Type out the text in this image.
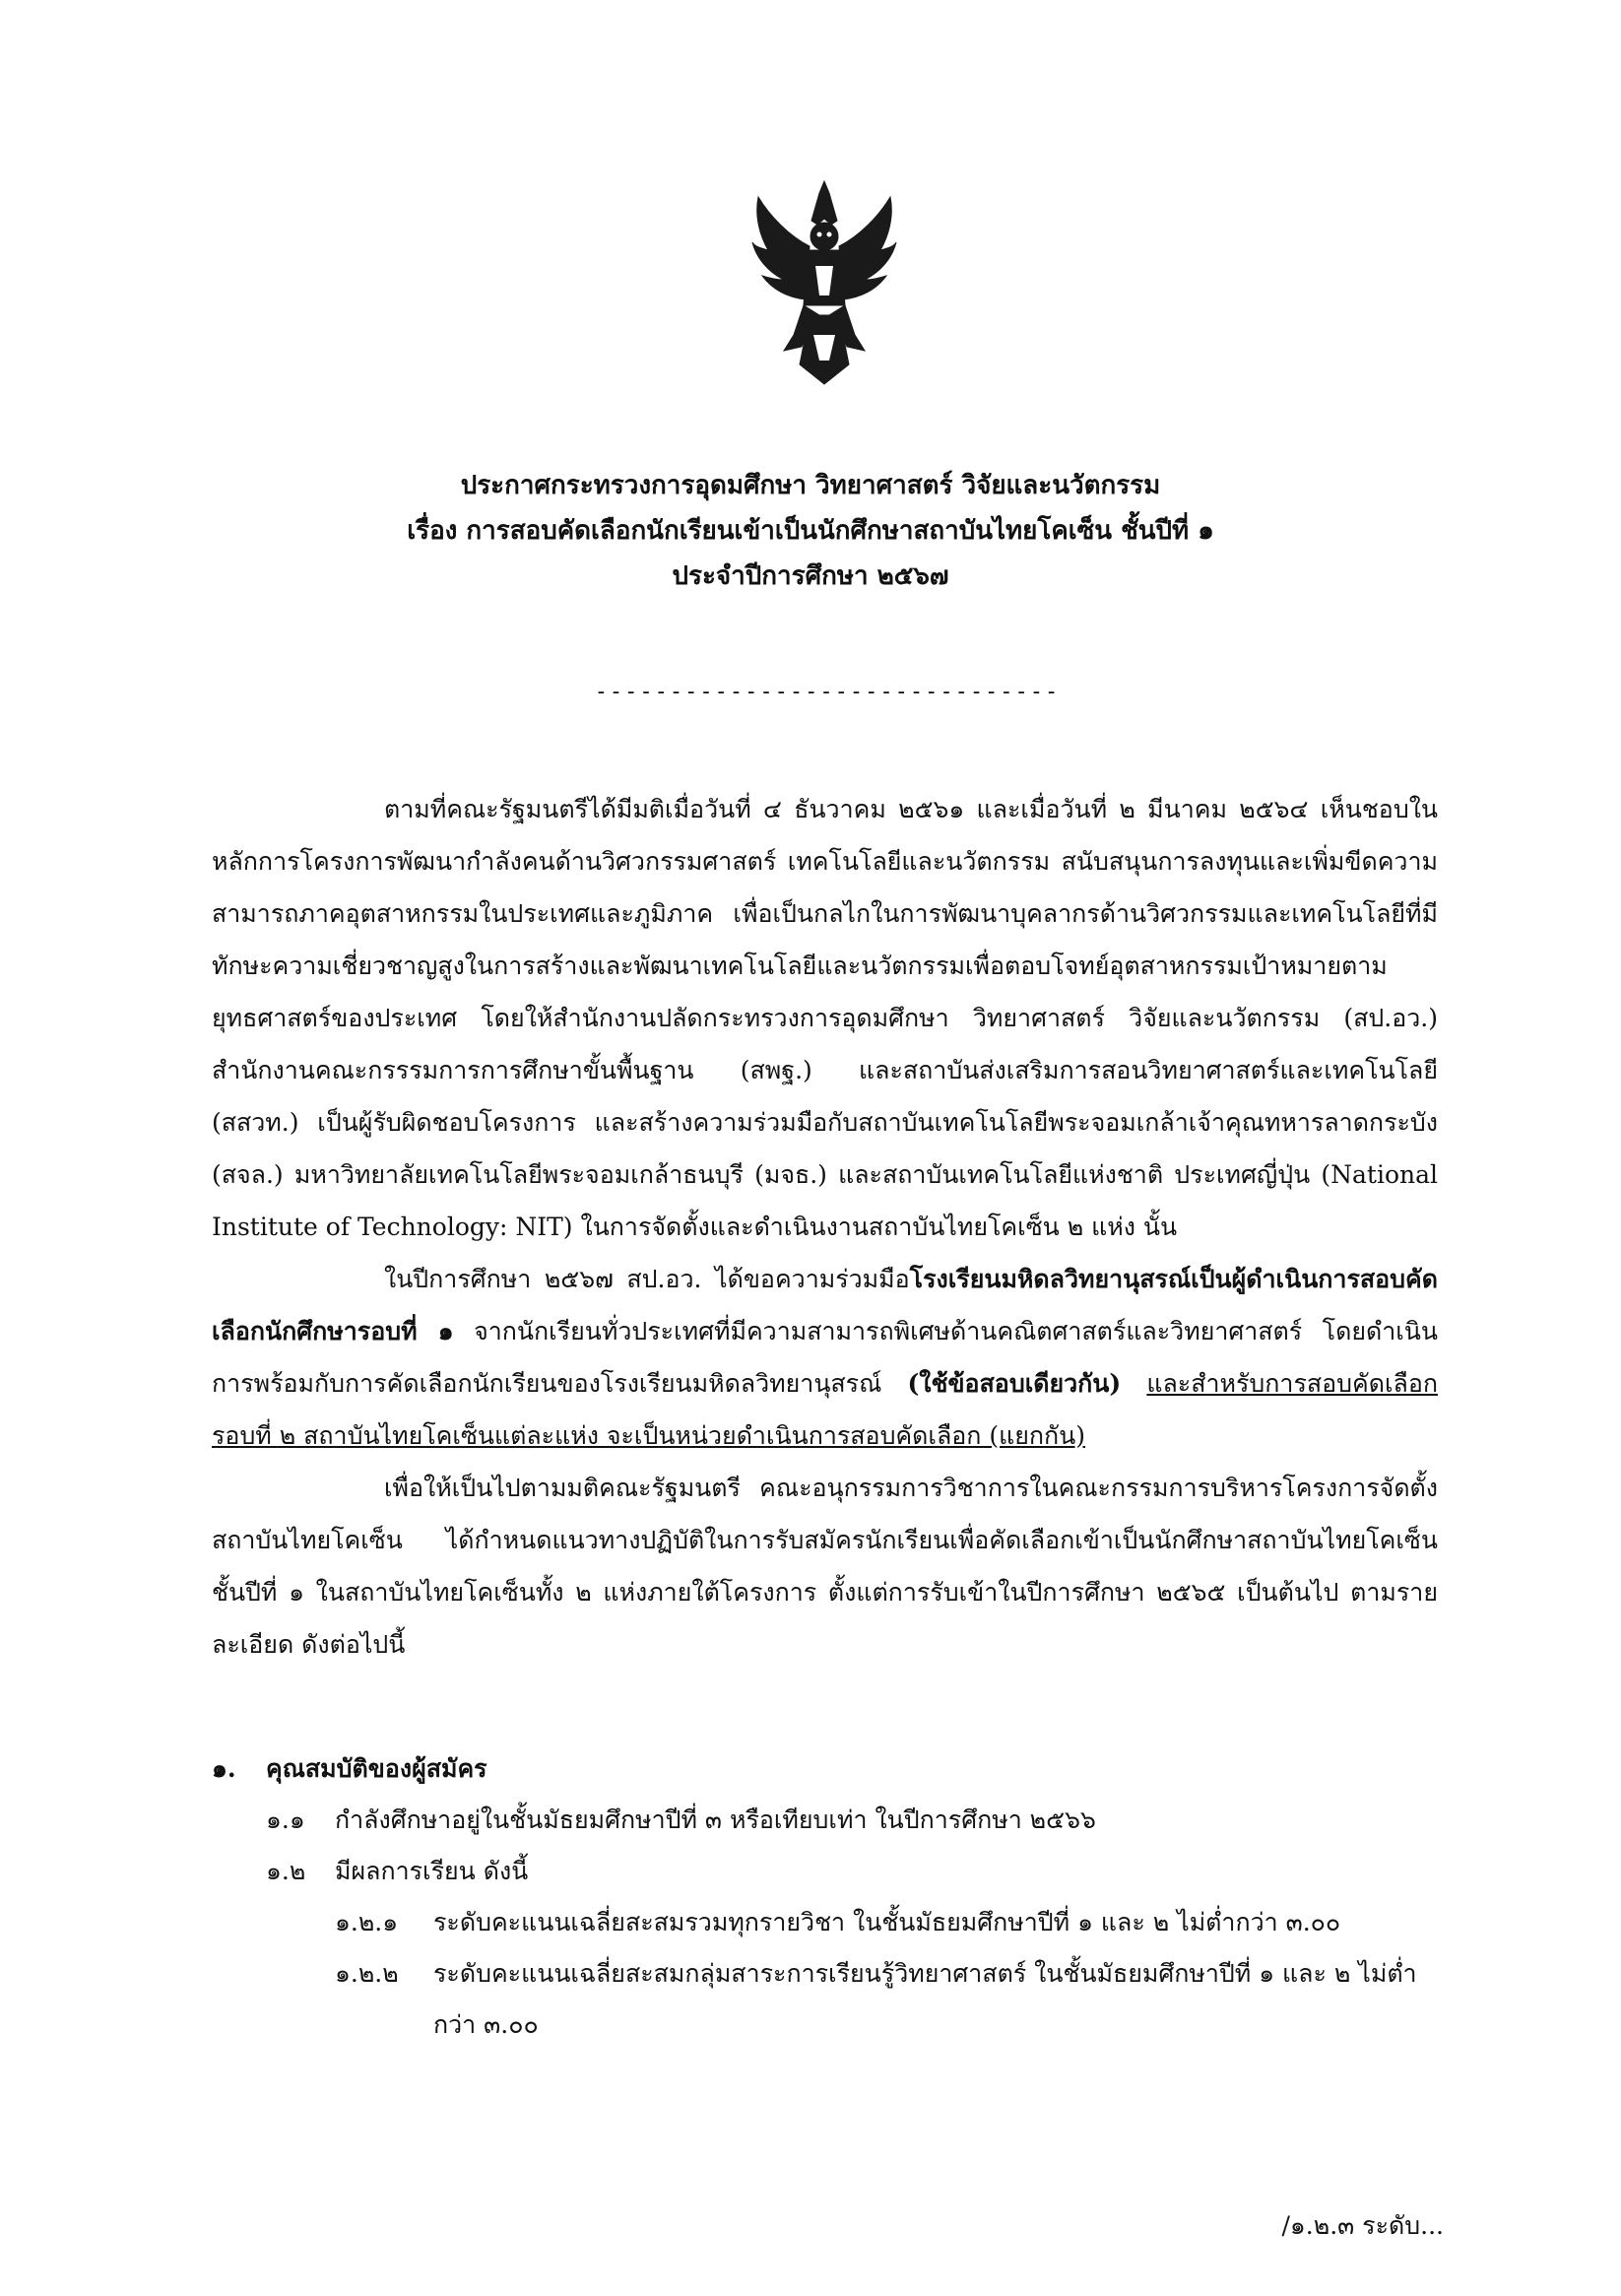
ประกาศกระทรวงการอุดมศึกษา วิทยาศาสตร์ วิจัยและนวัตกรรม
เรื่อง การสอบคัดเลือกนักเรียนเข้าเป็นนักศึกษาสถาบันไทยโคเซ็น ชั้นปีที่ ๑
ประจำปีการศึกษา ๒๕๖๗
-------------------------------

ตามที่คณะรัฐมนตรีได้มีมติเมื่อวันที่ ๔ ธันวาคม ๒๕๖๑ และเมื่อวันที่ ๒ มีนาคม ๒๕๖๔ เห็นชอบในหลักการโครงการพัฒนากำลังคนด้านวิศวกรรมศาสตร์ เทคโนโลยีและนวัตกรรม สนับสนุนการลงทุนและเพิ่มขีดความสามารถภาคอุตสาหกรรมในประเทศและภูมิภาค เพื่อเป็นกลไกในการพัฒนาบุคลากรด้านวิศวกรรมและเทคโนโลยีที่มีทักษะความเชี่ยวชาญสูงในการสร้างและพัฒนาเทคโนโลยีและนวัตกรรมเพื่อตอบโจทย์อุตสาหกรรมเป้าหมายตามยุทธศาสตร์ของประเทศ โดยให้สำนักงานปลัดกระทรวงการอุดมศึกษา วิทยาศาสตร์ วิจัยและนวัตกรรม (สป.อว.) สำนักงานคณะกรรรมการการศึกษาขั้นพื้นฐาน (สพฐ.) และสถาบันส่งเสริมการสอนวิทยาศาสตร์และเทคโนโลยี (สสวท.) เป็นผู้รับผิดชอบโครงการ และสร้างความร่วมมือกับสถาบันเทคโนโลยีพระจอมเกล้าเจ้าคุณทหารลาดกระบัง (สจล.) มหาวิทยาลัยเทคโนโลยีพระจอมเกล้าธนบุรี (มจธ.) และสถาบันเทคโนโลยีแห่งชาติ ประเทศญี่ปุ่น (National Institute of Technology: NIT) ในการจัดตั้งและดำเนินงานสถาบันไทยโคเซ็น ๒ แห่ง นั้น

ในปีการศึกษา ๒๕๖๗ สป.อว. ได้ขอความร่วมมือโรงเรียนมหิดลวิทยานุสรณ์เป็นผู้ดำเนินการสอบคัดเลือกนักศึกษารอบที่ ๑ จากนักเรียนทั่วประเทศที่มีความสามารถพิเศษด้านคณิตศาสตร์และวิทยาศาสตร์ โดยดำเนินการพร้อมกับการคัดเลือกนักเรียนของโรงเรียนมหิดลวิทยานุสรณ์ (ใช้ข้อสอบเดียวกัน) และสำหรับการสอบคัดเลือกรอบที่ ๒ สถาบันไทยโคเซ็นแต่ละแห่ง จะเป็นหน่วยดำเนินการสอบคัดเลือก (แยกกัน)

เพื่อให้เป็นไปตามมติคณะรัฐมนตรี คณะอนุกรรมการวิชาการในคณะกรรมการบริหารโครงการจัดตั้งสถาบันไทยโคเซ็น ได้กำหนดแนวทางปฏิบัติในการรับสมัครนักเรียนเพื่อคัดเลือกเข้าเป็นนักศึกษาสถาบันไทยโคเซ็น ชั้นปีที่ ๑ ในสถาบันไทยโคเซ็นทั้ง ๒ แห่งภายใต้โครงการ ตั้งแต่การรับเข้าในปีการศึกษา ๒๕๖๕ เป็นต้นไป ตามรายละเอียด ดังต่อไปนี้

๑.	คุณสมบัติของผู้สมัคร
๑.๑	กำลังศึกษาอยู่ในชั้นมัธยมศึกษาปีที่ ๓ หรือเทียบเท่า ในปีการศึกษา ๒๕๖๖
๑.๒	มีผลการเรียน ดังนี้
๑.๒.๑	ระดับคะแนนเฉลี่ยสะสมรวมทุกรายวิชา ในชั้นมัธยมศึกษาปีที่ ๑ และ ๒ ไม่ต่ำกว่า ๓.๐๐
๑.๒.๒	ระดับคะแนนเฉลี่ยสะสมกลุ่มสาระการเรียนรู้วิทยาศาสตร์ ในชั้นมัธยมศึกษาปีที่ ๑ และ ๒ ไม่ต่ำกว่า ๓.๐๐
/๑.๒.๓ ระดับ...
